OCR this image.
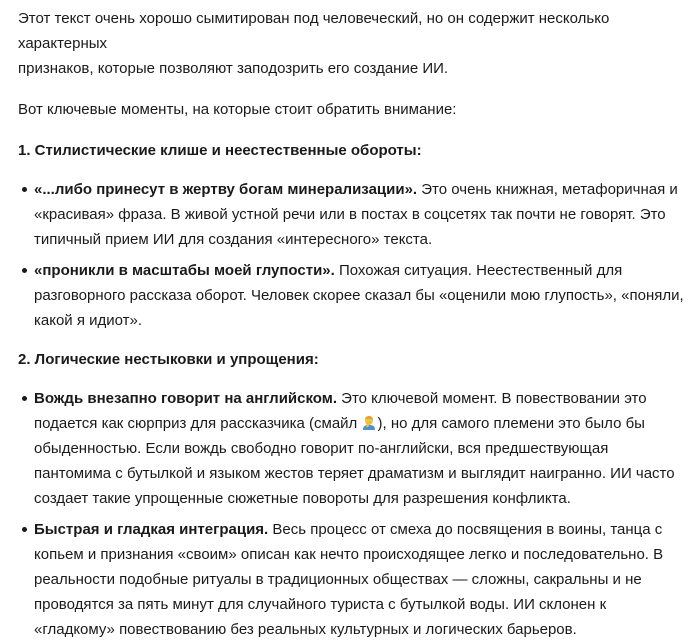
Этот текст очень хорошо сымитирован под человеческий, но он содержит несколько характерных
признаков, которые позволяют заподозрить его создание ИИ.

Вот ключевые моменты, на которые стоит обратить внимание:

1. Стилистические клише и неестественные обороты:

«...либо принесут в жертву богам минерализации». Это очень книжная, метафоричная и «красивая» фраза. В живой устной речи или в постах в соцсетях так почти не говорят. Это типичный прием ИИ для создания «интересного» текста.
«проникли в масштабы моей глупости». Похожая ситуация. Неестественный для разговорного рассказа оборот. Человек скорее сказал бы «оценили мою глупость», «поняли, какой я идиот».

2. Логические нестыковки и упрощения:

Вождь внезапно говорит на английском. Это ключевой момент. В повествовании это подается как сюрприз для рассказчика (смайл ), но для самого племени это было бы обыденностью. Если вождь свободно говорит по-английски, вся предшествующая пантомима с бутылкой и языком жестов теряет драматизм и выглядит наигранно. ИИ часто создает такие упрощенные сюжетные повороты для разрешения конфликта.
Быстрая и гладкая интеграция. Весь процесс от смеха до посвящения в воины, танца с копьем и признания «своим» описан как нечто происходящее легко и последовательно. В реальности подобные ритуалы в традиционных обществах — сложны, сакральны и не проводятся за пять минут для случайного туриста с бутылкой воды. ИИ склонен к «гладкому» повествованию без реальных культурных и логических барьеров.
